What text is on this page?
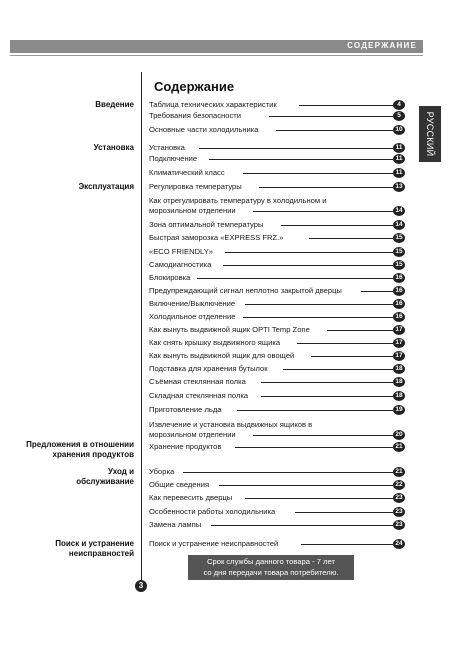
СОДЕРЖАНИЕ
РУССКИЙ
Содержание
Введение
Установка
Эксплуатация
Предложения в отношении
хранения продуктов
Уход и
обслуживание
Поиск и устранение
неисправностей
Таблица технических характеристик	4
Требования безопасности	5
Основные части холодильника	10
Установка	11
Подключение	11
Климатический класс	11
Регулировка температуры	13
Как отрегулировать температуру в холодильном и
морозильном отделении	14
Зона оптимальной температуры	14
Быстрая заморозка «EXPRESS FRZ.»	15
«ECO FRIENDLY»	15
Самодиагностика	15
Блокировка	16
Предупреждающий сигнал неплотно закрытой дверцы	16
Включение/Выключение	16
Холодильное отделение	16
Как вынуть выдвижной ящик OPTI Temp Zone	17
Как снять крышку выдвижного ящика	17
Как вынуть выдвижной ящик для овощей	17
Подставка для хранения бутылок	18
Съёмная стеклянная полка	18
Складная стеклянная полка	18
Приготовление льда	19
Извлечение и установка выдвижных ящиков в
морозильном отделении	20
Хранение продуктов	21
Уборка	21
Общие сведения	22
Как перевесить дверцы	23
Особенности работы холодильника	23
Замена лампы	23
Поиск и устранение неисправностей	24
Срок службы данного товара - 7 лет
со дня передачи товара потребителю.
3
